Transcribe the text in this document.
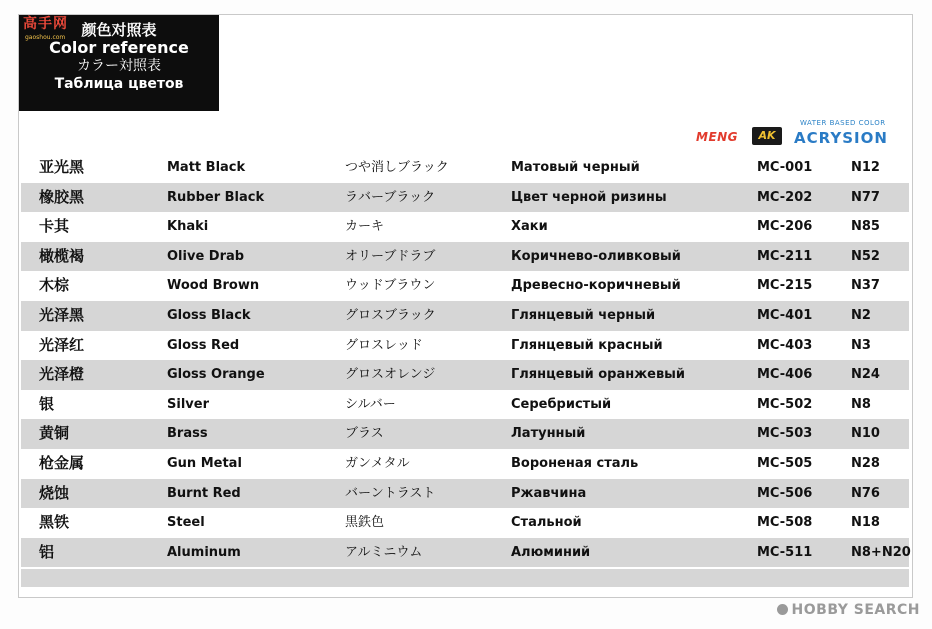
高手网
gaoshou.com	颜色对照表
Color reference
カラー対照表
Таблица цветов
MENG	AK
WATER BASED COLOR
ACRYSION
亚光黑	Matt Black	つや消しブラック	Матовый черный	MC-001	N12
橡胶黑	Rubber Black	ラバーブラック	Цвет черной ризины	MC-202	N77
卡其	Khaki	カーキ	Хаки	MC-206	N85
橄榄褐	Olive Drab	オリーブドラブ	Коричнево-оливковый	MC-211	N52
木棕	Wood Brown	ウッドブラウン	Древесно-коричневый	MC-215	N37
光泽黑	Gloss Black	グロスブラック	Глянцевый черный	MC-401	N2
光泽红	Gloss Red	グロスレッド	Глянцевый красный	MC-403	N3
光泽橙	Gloss Orange	グロスオレンジ	Глянцевый оранжевый	MC-406	N24
银	Silver	シルバー	Серебристый	MC-502	N8
黄铜	Brass	ブラス	Латунный	MC-503	N10
枪金属	Gun Metal	ガンメタル	Вороненая сталь	MC-505	N28
烧蚀	Burnt Red	バーントラスト	Ржавчина	MC-506	N76
黑铁	Steel	黒鉄色	Стальной	MC-508	N18
铝	Aluminum	アルミニウム	Алюминий	MC-511	N8+N20
HOBBY SEARCH
